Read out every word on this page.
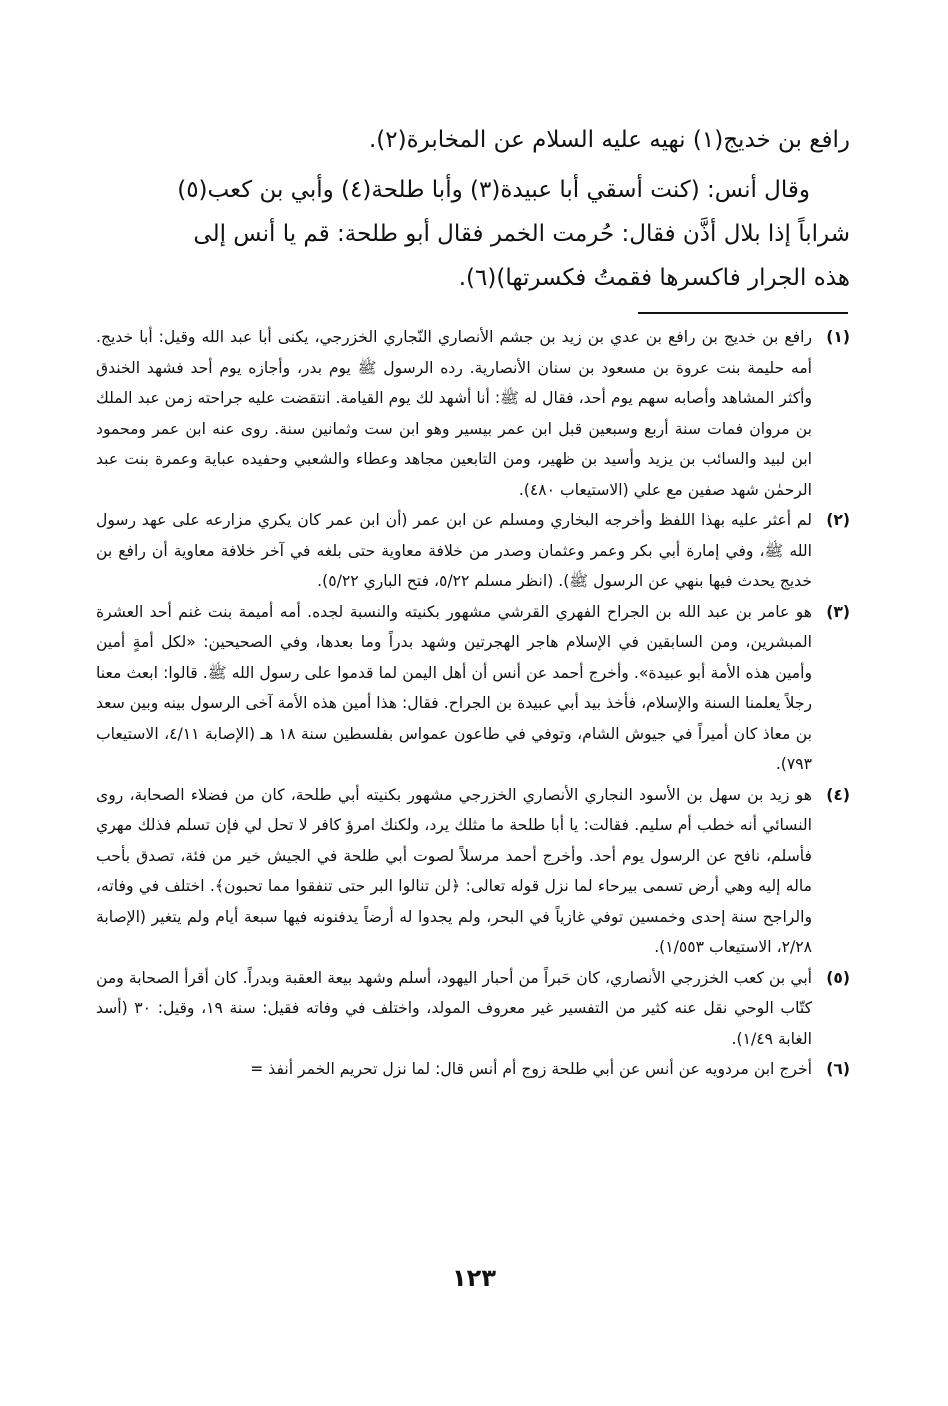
رافع بن خديج(١) نهيه عليه السلام عن المخابرة(٢).

وقال أنس: (كنت أسقي أبا عبيدة(٣) وأبا طلحة(٤) وأبي بن كعب(٥) شراباً إذا بلال أذَّن فقال: حُرمت الخمر فقال أبو طلحة: قم يا أنس إلى هذه الجرار فاكسرها فقمتُ فكسرتها)(٦).

(١)
رافع بن خديج بن رافع بن عدي بن زيد بن جشم الأنصاري النّجاري الخزرجي، يكنى أبا عبد الله وقيل: أبا خديج. أمه حليمة بنت عروة بن مسعود بن سنان الأنصارية. رده الرسول ﷺ يوم بدر، وأجازه يوم أحد فشهد الخندق وأكثر المشاهد وأصابه سهم يوم أحد، فقال له ﷺ: أنا أشهد لك يوم القيامة. انتقضت عليه جراحته زمن عبد الملك بن مروان فمات سنة أربع وسبعين قبل ابن عمر بيسير وهو ابن ست وثمانين سنة. روى عنه ابن عمر ومحمود ابن لبيد والسائب بن يزيد وأسيد بن ظهير، ومن التابعين مجاهد وعطاء والشعبي وحفيده عباية وعمرة بنت عبد الرحمٰن شهد صفين مع علي (الاستيعاب ٤٨٠).
(٢)
لم أعثر عليه بهذا اللفظ وأخرجه البخاري ومسلم عن ابن عمر (أن ابن عمر كان يكري مزارعه على عهد رسول الله ﷺ، وفي إمارة أبي بكر وعمر وعثمان وصدر من خلافة معاوية حتى بلغه في آخر خلافة معاوية أن رافع بن خديج يحدث فيها بنهي عن الرسول ﷺ). (انظر مسلم ٥/٢٢، فتح الباري ٥/٢٢).
(٣)
هو عامر بن عبد الله بن الجراح الفهري القرشي مشهور بكنيته والنسبة لجده. أمه أميمة بنت غنم أحد العشرة المبشرين، ومن السابقين في الإسلام هاجر الهجرتين وشهد بدراً وما بعدها، وفي الصحيحين: «لكل أمةٍ أمين وأمين هذه الأمة أبو عبيدة». وأخرج أحمد عن أنس أن أهل اليمن لما قدموا على رسول الله ﷺ. قالوا: ابعث معنا رجلاً يعلمنا السنة والإسلام، فأخذ بيد أبي عبيدة بن الجراح. فقال: هذا أمين هذه الأمة آخى الرسول بينه وبين سعد بن معاذ كان أميراً في جيوش الشام، وتوفي في طاعون عمواس بفلسطين سنة ١٨ هـ (الإصابة ٤/١١، الاستيعاب ٧٩٣).
(٤)
هو زيد بن سهل بن الأسود النجاري الأنصاري الخزرجي مشهور بكنيته أبي طلحة، كان من فضلاء الصحابة، روى النسائي أنه خطب أم سليم. فقالت: يا أبا طلحة ما مثلك يرد، ولكنك امرؤ كافر لا تحل لي فإن تسلم فذلك مهري فأسلم، نافح عن الرسول يوم أحد. وأخرج أحمد مرسلاً لصوت أبي طلحة في الجيش خير من فئة، تصدق بأحب ماله إليه وهي أرض تسمى بيرحاء لما نزل قوله تعالى: ﴿لن تنالوا البر حتى تنفقوا مما تحبون﴾. اختلف في وفاته، والراجح سنة إحدى وخمسين توفي غازياً في البحر، ولم يجدوا له أرضاً يدفنونه فيها سبعة أيام ولم يتغير (الإصابة ٢/٢٨، الاستيعاب ١/٥٥٣).
(٥)
أبي بن كعب الخزرجي الأنصاري، كان حَبراً من أحبار اليهود، أسلم وشهد بيعة العقبة وبدراً. كان أقرأ الصحابة ومن كتّاب الوحي نقل عنه كثير من التفسير غير معروف المولد، واختلف في وفاته فقيل: سنة ١٩، وقيل: ٣٠ (أسد الغابة ١/٤٩).
(٦)
أخرج ابن مردويه عن أنس عن أبي طلحة زوج أم أنس قال: لما نزل تحريم الخمر أنفذ =
١٢٣
